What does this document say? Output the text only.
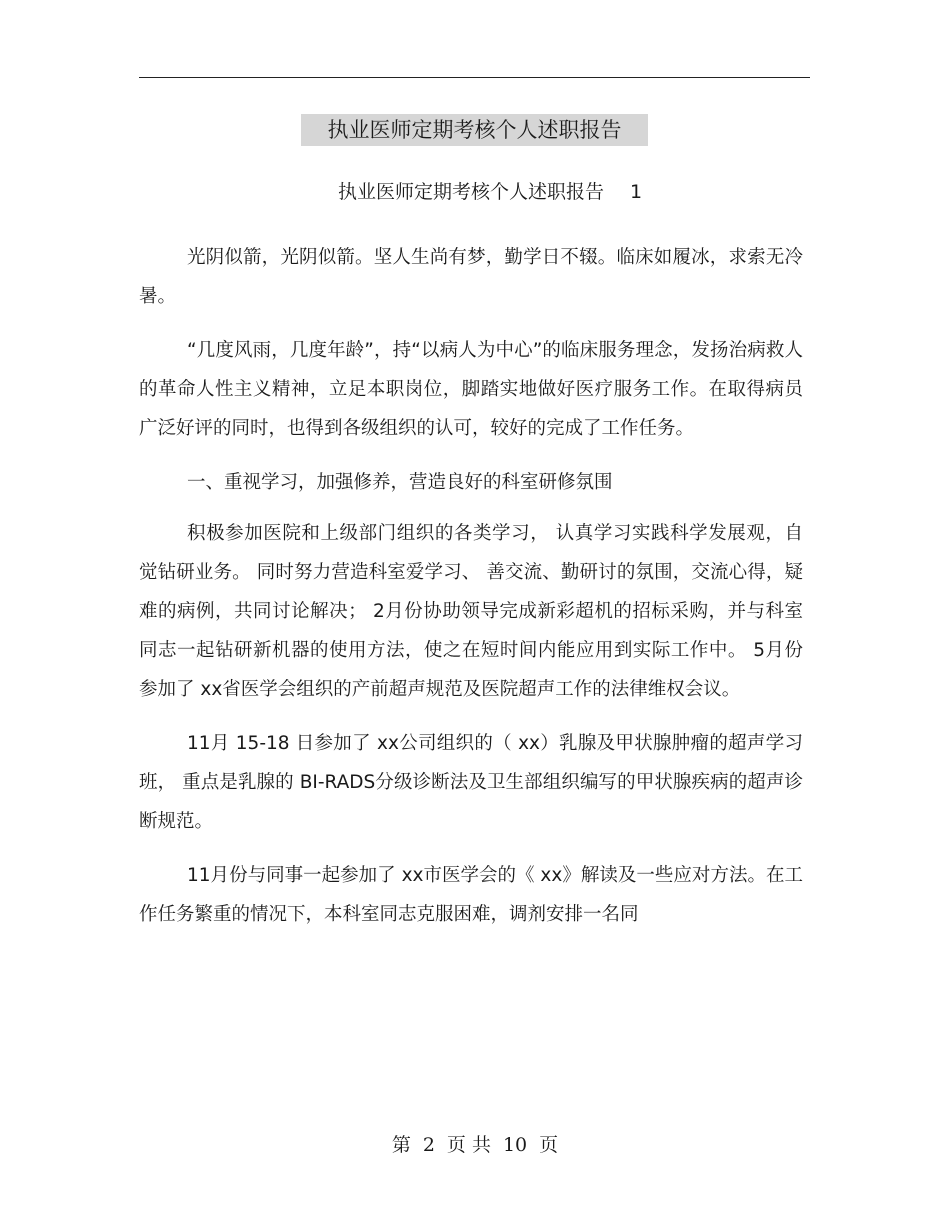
执业医师定期考核个人述职报告
执业医师定期考核个人述职报告 1

光阴似箭，光阴似箭。坚人生尚有梦，勤学日不辍。临床如履冰，求索无冷暑。

“几度风雨，几度年龄”，持“以病人为中心”的临床服务理念，发扬治病救人的革命人性主义精神，立足本职岗位，脚踏实地做好医疗服务工作。在取得病员广泛好评的同时，也得到各级组织的认可，较好的完成了工作任务。

一、重视学习，加强修养，营造良好的科室研修氛围

积极参加医院和上级部门组织的各类学习， 认真学习实践科学发展观，自觉钻研业务。 同时努力营造科室爱学习、 善交流、勤研讨的氛围，交流心得，疑难的病例，共同讨论解决； 2月份协助领导完成新彩超机的招标采购，并与科室同志一起钻研新机器的使用方法，使之在短时间内能应用到实际工作中。 5月份参加了 xx省医学会组织的产前超声规范及医院超声工作的法律维权会议。

11月 15-18 日参加了 xx公司组织的（ xx）乳腺及甲状腺肿瘤的超声学习班， 重点是乳腺的 BI-RADS分级诊断法及卫生部组织编写的甲状腺疾病的超声诊断规范。

11月份与同事一起参加了 xx市医学会的《 xx》解读及一些应对方法。在工作任务繁重的情况下，本科室同志克服困难，调剂安排一名同

第 2 页 共 10 页
